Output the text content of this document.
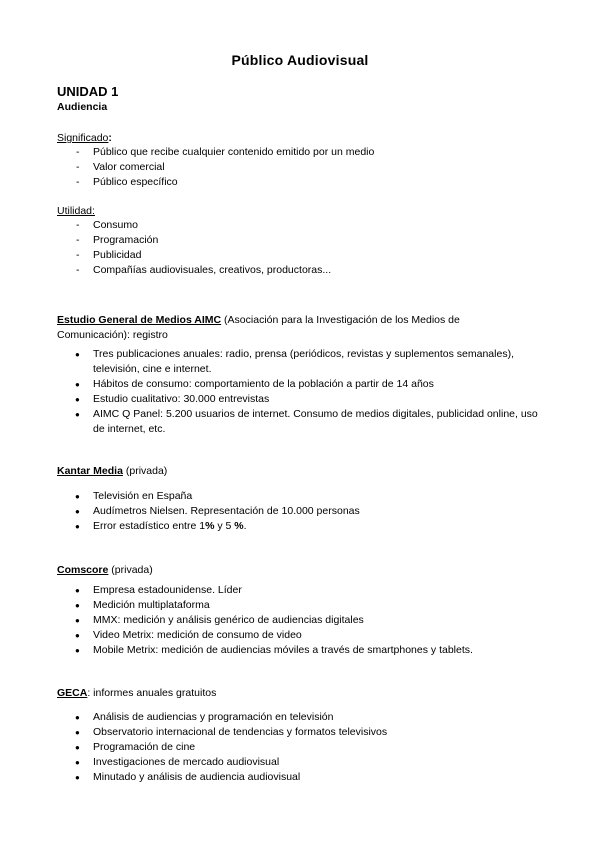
Público Audiovisual
UNIDAD 1
Audiencia
Significado:
- Público que recibe cualquier contenido emitido por un medio
- Valor comercial
- Público específico
Utilidad:
- Consumo
- Programación
- Publicidad
- Compañías audiovisuales, creativos, productoras...
Estudio General de Medios AIMC (Asociación para la Investigación de los Medios de Comunicación): registro
● Tres publicaciones anuales: radio, prensa (periódicos, revistas y suplementos semanales), televisión, cine e internet.
● Hábitos de consumo: comportamiento de la población a partir de 14 años
● Estudio cualitativo: 30.000 entrevistas
● AIMC Q Panel: 5.200 usuarios de internet. Consumo de medios digitales, publicidad online, uso de internet, etc.
Kantar Media (privada)
● Televisión en España
● Audímetros Nielsen. Representación de 10.000 personas
● Error estadístico entre 1% y 5 %.
Comscore (privada)
● Empresa estadounidense. Líder
● Medición multiplataforma
● MMX: medición y análisis genérico de audiencias digitales
● Video Metrix: medición de consumo de video
● Mobile Metrix: medición de audiencias móviles a través de smartphones y tablets.
GECA: informes anuales gratuitos
● Análisis de audiencias y programación en televisión
● Observatorio internacional de tendencias y formatos televisivos
● Programación de cine
● Investigaciones de mercado audiovisual
● Minutado y análisis de audiencia audiovisual
